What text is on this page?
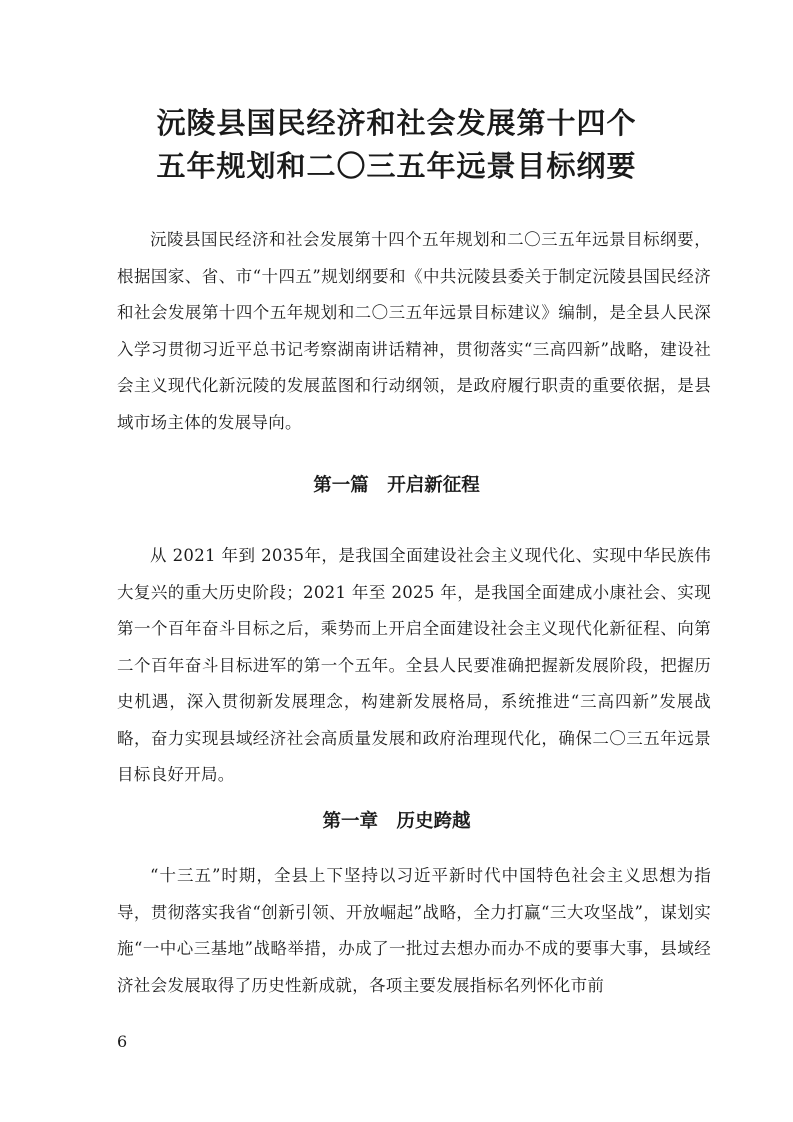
沅陵县国民经济和社会发展第十四个
五年规划和二〇三五年远景目标纲要

沅陵县国民经济和社会发展第十四个五年规划和二〇三五年远景目标纲要，根据国家、省、市“十四五”规划纲要和《中共沅陵县委关于制定沅陵县国民经济和社会发展第十四个五年规划和二〇三五年远景目标建议》编制，是全县人民深入学习贯彻习近平总书记考察湖南讲话精神，贯彻落实“三高四新”战略，建设社会主义现代化新沅陵的发展蓝图和行动纲领，是政府履行职责的重要依据，是县域市场主体的发展导向。

第一篇　开启新征程

从 2021 年到 2035年，是我国全面建设社会主义现代化、实现中华民族伟大复兴的重大历史阶段；2021 年至 2025 年，是我国全面建成小康社会、实现第一个百年奋斗目标之后，乘势而上开启全面建设社会主义现代化新征程、向第二个百年奋斗目标进军的第一个五年。全县人民要准确把握新发展阶段，把握历史机遇，深入贯彻新发展理念，构建新发展格局，系统推进“三高四新”发展战略，奋力实现县域经济社会高质量发展和政府治理现代化，确保二〇三五年远景目标良好开局。

第一章　历史跨越

“十三五”时期，全县上下坚持以习近平新时代中国特色社会主义思想为指导，贯彻落实我省“创新引领、开放崛起”战略，全力打赢“三大攻坚战”，谋划实施“一中心三基地”战略举措，办成了一批过去想办而办不成的要事大事，县域经济社会发展取得了历史性新成就，各项主要发展指标名列怀化市前

6
